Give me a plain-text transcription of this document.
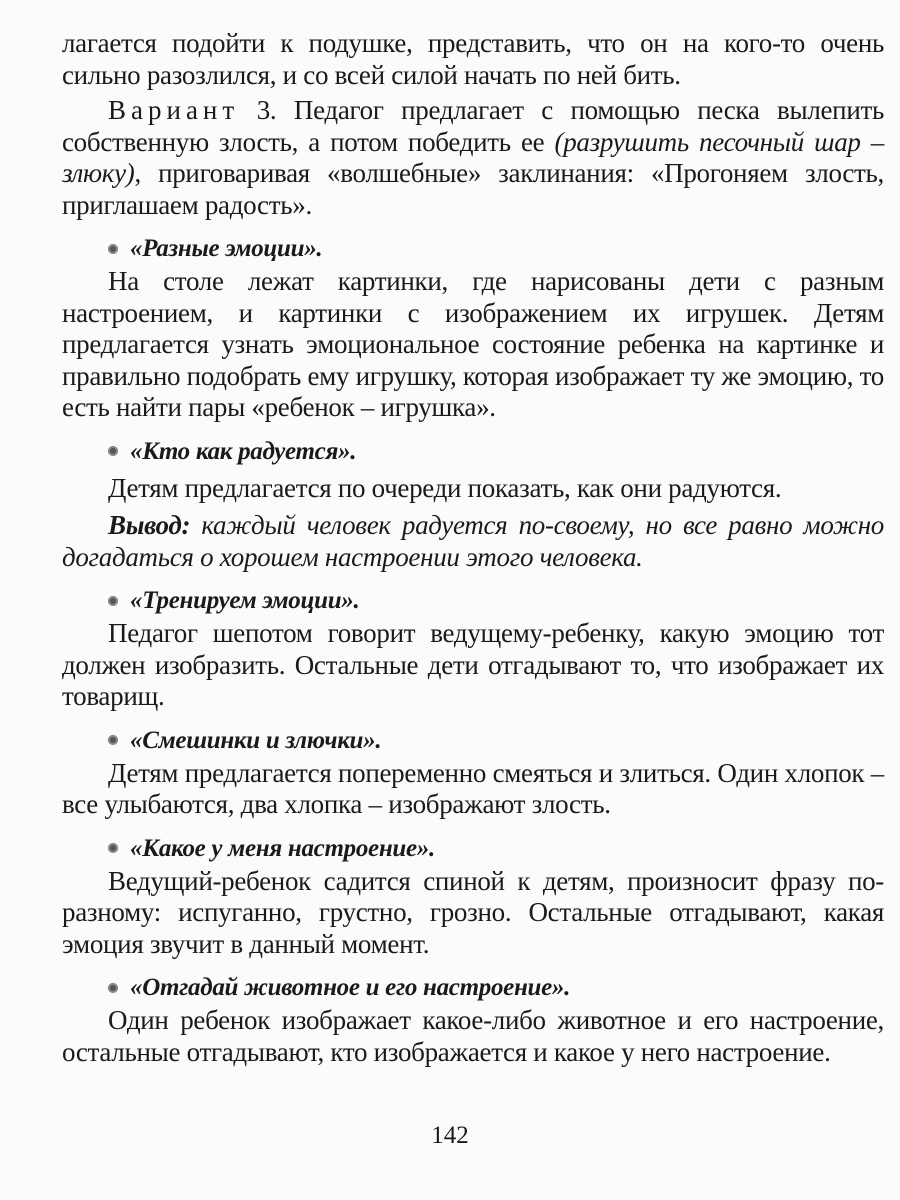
лагается подойти к подушке, представить, что он на кого-то очень сильно разозлился, и со всей силой начать по ней бить.

Вариант 3. Педагог предлагает с помощью песка вылепить собственную злость, а потом победить ее (разрушить песочный шар – злюку), приговаривая «волшебные» заклинания: «Прогоняем злость, приглашаем радость».

«Разные эмоции».

На столе лежат картинки, где нарисованы дети с разным настроением, и картинки с изображением их игрушек. Детям предлагается узнать эмоциональное состояние ребенка на картинке и правильно подобрать ему игрушку, которая изображает ту же эмоцию, то есть найти пары «ребенок – игрушка».

«Кто как радуется».

Детям предлагается по очереди показать, как они радуются.

Вывод: каждый человек радуется по-своему, но все равно можно догадаться о хорошем настроении этого человека.

«Тренируем эмоции».

Педагог шепотом говорит ведущему-ребенку, какую эмоцию тот должен изобразить. Остальные дети отгадывают то, что изображает их товарищ.

«Смешинки и злючки».

Детям предлагается попеременно смеяться и злиться. Один хлопок – все улыбаются, два хлопка – изображают злость.

«Какое у меня настроение».

Ведущий-ребенок садится спиной к детям, произносит фразу по-разному: испуганно, грустно, грозно. Остальные отгадывают, какая эмоция звучит в данный момент.

«Отгадай животное и его настроение».

Один ребенок изображает какое-либо животное и его настроение, остальные отгадывают, кто изображается и какое у него настроение.

142
